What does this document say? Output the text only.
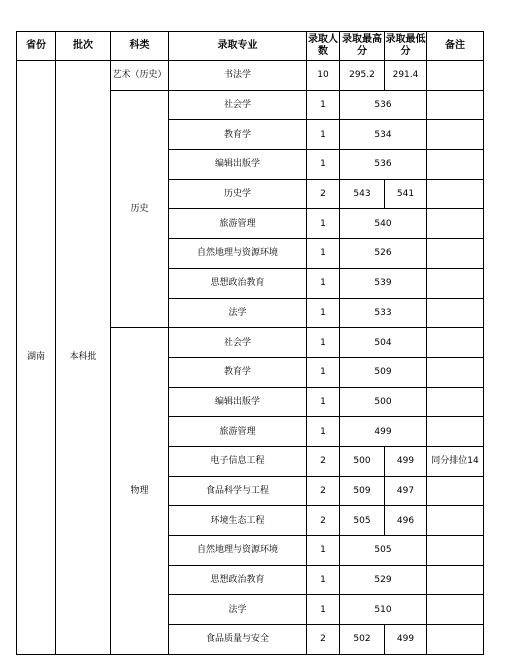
省份	批次	科类	录取专业	录取人数	录取最高分	录取最低分	备注
湖南	本科批	艺术（历史）	书法学	10	295.2	291.4	
		历史	社会学	1	536		
			教育学	1	534		
			编辑出版学	1	536		
			历史学	2	543	541	
			旅游管理	1	540		
			自然地理与资源环境	1	526		
			思想政治教育	1	539		
			法学	1	533		
		物理	社会学	1	504		
			教育学	1	509		
			编辑出版学	1	500		
			旅游管理	1	499		
			电子信息工程	2	500	499	同分排位14
			食品科学与工程	2	509	497	
			环境生态工程	2	505	496	
			自然地理与资源环境	1	505		
			思想政治教育	1	529		
			法学	1	510		
			食品质量与安全	2	502	499	
